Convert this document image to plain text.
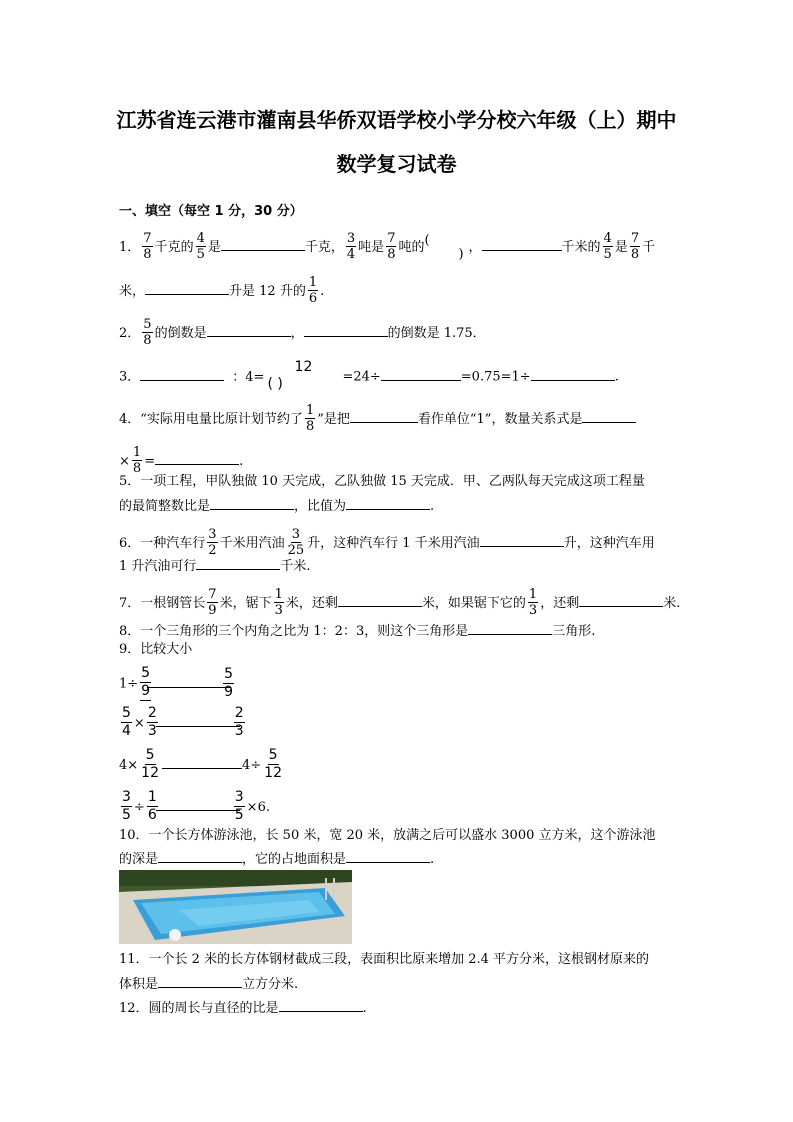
江苏省连云港市灌南县华侨双语学校小学分校六年级（上）期中
数学复习试卷
一、填空（每空 1 分，30 分）
1． $\frac{7}{8}$ 千克的 $\frac{4}{5}$ 是	千克， $\frac{3}{4}$ 吨是 $\frac{7}{8}$ 吨的 (
) ，	千米的 $\frac{4}{5}$ 是 $\frac{7}{8}$ 千
米，	升是 12 升的 $\frac{1}{6}$ .
2． $\frac{5}{8}$ 的倒数是	，	的倒数是 1.75．
3．	：4=
12
( )	=24÷	=0.75=1÷	.
4．“实际用电量比原计划节约了 $\frac{1}{8}$ ”是把	看作单位“1”，数量关系式是
× $\frac{1}{8}$ =	.
5．一项工程，甲队独做 10 天完成，乙队独做 15 天完成．甲、乙两队每天完成这项工程量
的最简整数比是	，比值为	.
6．一种汽车行 $\frac{3}{2}$ 千米用汽油 $\frac{3}{25}$ 升，这种汽车行 1 千米用汽油	升，这种汽车用
1 升汽油可行	千米.
7．一根钢管长 $\frac{7}{9}$ 米，锯下 $\frac{1}{3}$ 米，还剩	米，如果锯下它的 $\frac{1}{3}$ ，还剩	米.
8．一个三角形的三个内角之比为 1：2：3，则这个三角形是	三角形.
9．比较大小
$1\div \frac{5}{9}$	$\frac{5}{9}$
$\frac{5}{4} \times \frac{2}{3}$	$\frac{2}{3}$
$4\times \frac{5}{12}$	$4\div \frac{5}{12}$
$\frac{3}{5} \div \frac{1}{6}$	$\frac{3}{5} \times 6$.
10．一个长方体游泳池，长 50 米，宽 20 米，放满之后可以盛水 3000 立方米，这个游泳池
的深是	，它的占地面积是	.
11．一个长 2 米的长方体钢材截成三段，表面积比原来增加 2.4 平方分米，这根钢材原来的
体积是	立方分米.
12．圆的周长与直径的比是	.
